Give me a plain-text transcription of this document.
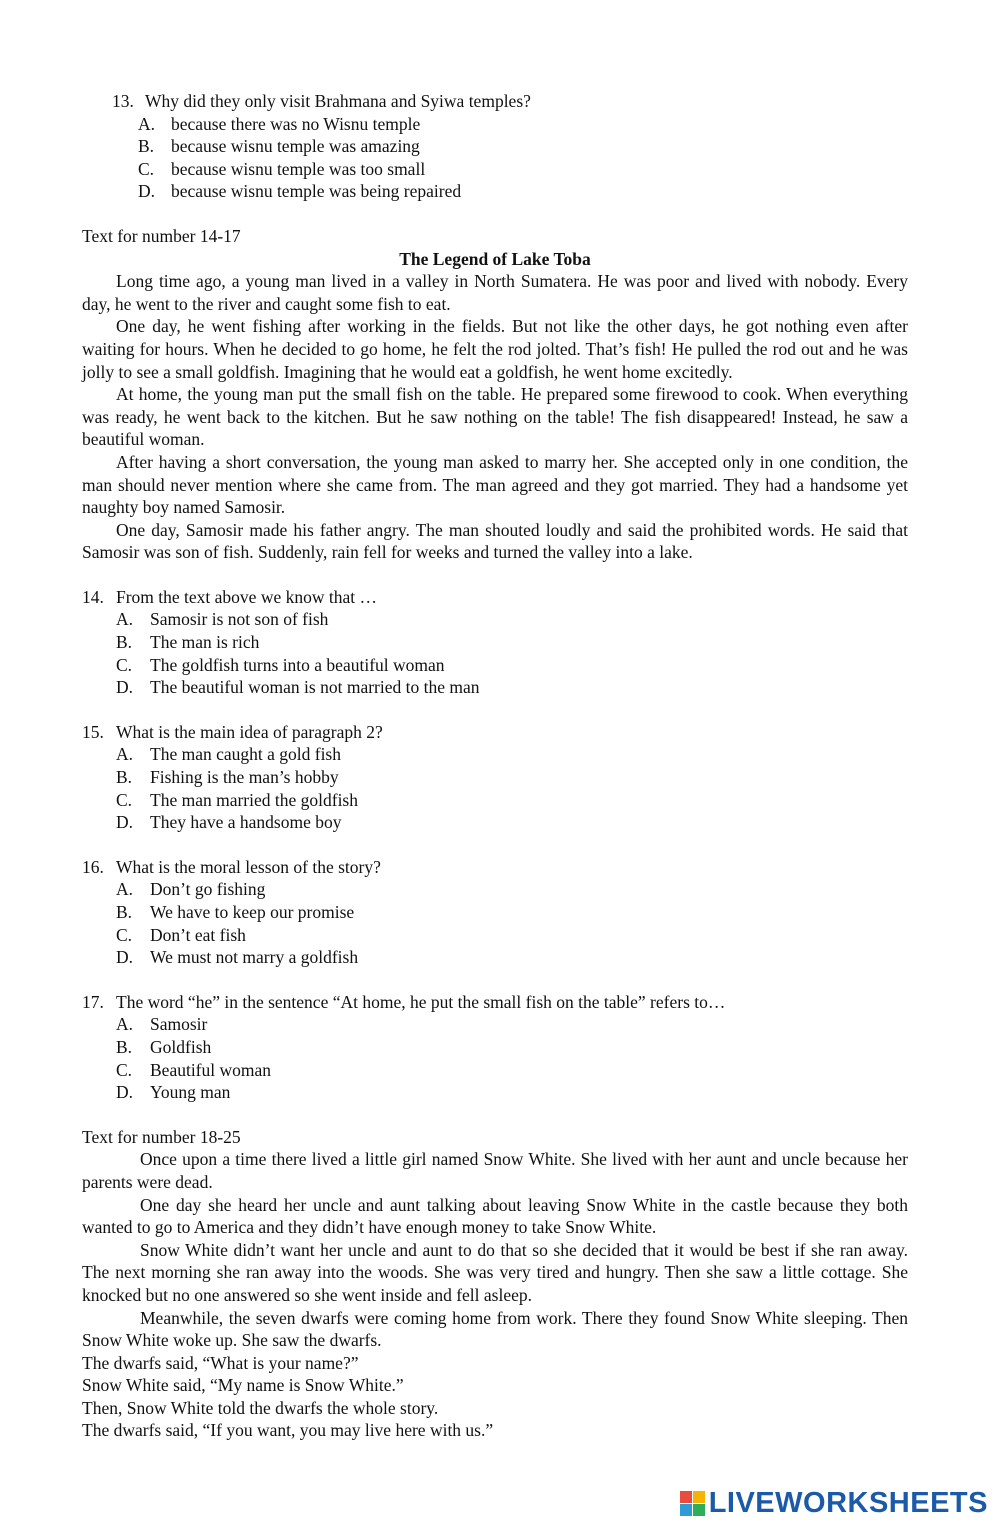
13. Why did they only visit Brahmana and Syiwa temples?
A. because there was no Wisnu temple
B. because wisnu temple was amazing
C. because wisnu temple was too small
D. because wisnu temple was being repaired

Text for number 14-17

The Legend of Lake Toba

Long time ago, a young man lived in a valley in North Sumatera. He was poor and lived with nobody. Every day, he went to the river and caught some fish to eat.

One day, he went fishing after working in the fields. But not like the other days, he got nothing even after waiting for hours. When he decided to go home, he felt the rod jolted. That’s fish! He pulled the rod out and he was jolly to see a small goldfish. Imagining that he would eat a goldfish, he went home excitedly.

At home, the young man put the small fish on the table. He prepared some firewood to cook. When everything was ready, he went back to the kitchen. But he saw nothing on the table! The fish disappeared! Instead, he saw a beautiful woman.

After having a short conversation, the young man asked to marry her. She accepted only in one condition, the man should never mention where she came from. The man agreed and they got married. They had a handsome yet naughty boy named Samosir.

One day, Samosir made his father angry. The man shouted loudly and said the prohibited words. He said that Samosir was son of fish. Suddenly, rain fell for weeks and turned the valley into a lake.

14. From the text above we know that …
A. Samosir is not son of fish
B.	The man is rich
C.	The goldfish turns into a beautiful woman
D. The beautiful woman is not married to the man
15. What is the main idea of paragraph 2?
A. The man caught a gold fish
B.	Fishing is the man’s hobby
C.	The man married the goldfish
D. They have a handsome boy
16. What is the moral lesson of the story?
A. Don’t go fishing
B.	We have to keep our promise
C.	Don’t eat fish
D. We must not marry a goldfish
17. The word “he” in the sentence “At home, he put the small fish on the table” refers to…
A. Samosir
B.	Goldfish
C.	Beautiful woman
D. Young man

Text for number 18-25

Once upon a time there lived a little girl named Snow White. She lived with her aunt and uncle because her parents were dead.

One day she heard her uncle and aunt talking about leaving Snow White in the castle because they both wanted to go to America and they didn’t have enough money to take Snow White.

Snow White didn’t want her uncle and aunt to do that so she decided that it would be best if she ran away. The next morning she ran away into the woods. She was very tired and hungry. Then she saw a little cottage. She knocked but no one answered so she went inside and fell asleep.

Meanwhile, the seven dwarfs were coming home from work. There they found Snow White sleeping. Then Snow White woke up. She saw the dwarfs.

The dwarfs said, “What is your name?”

Snow White said, “My name is Snow White.”

Then, Snow White told the dwarfs the whole story.

The dwarfs said, “If you want, you may live here with us.”

LIVEWORKSHEETS
